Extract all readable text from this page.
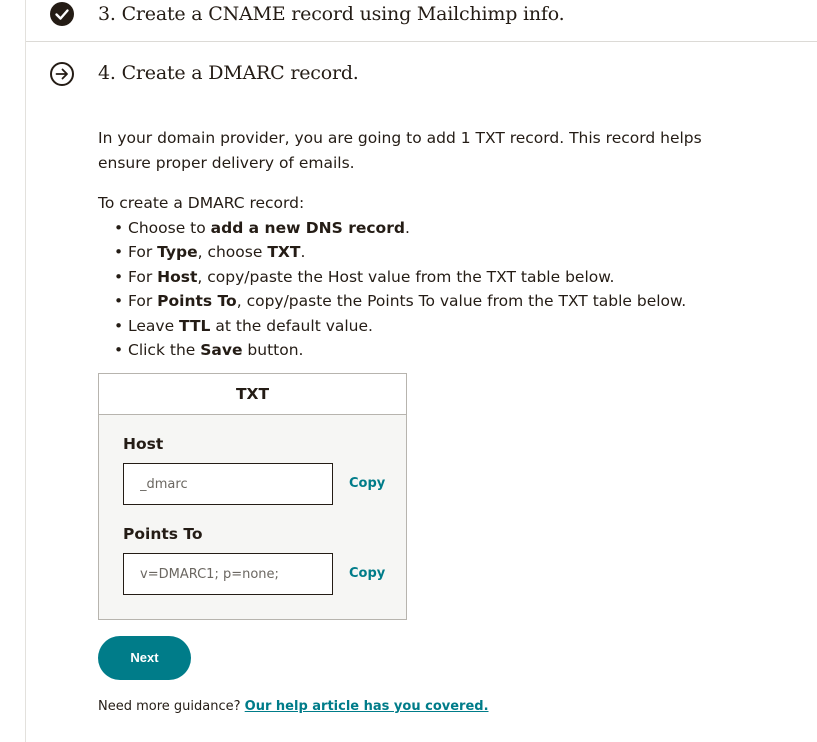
3. Create a CNAME record using Mailchimp info.
4. Create a DMARC record.

In your domain provider, you are going to add 1 TXT record. This record helps ensure proper delivery of emails.

To create a DMARC record:

• Choose to add a new DNS record.
• For Type, choose TXT.
• For Host, copy/paste the Host value from the TXT table below.
• For Points To, copy/paste the Points To value from the TXT table below.
• Leave TTL at the default value.
• Click the Save button.
TXT
Host
_dmarc
Copy
Points To
v=DMARC1; p=none;
Copy
Next

Need more guidance? Our help article has you covered.
